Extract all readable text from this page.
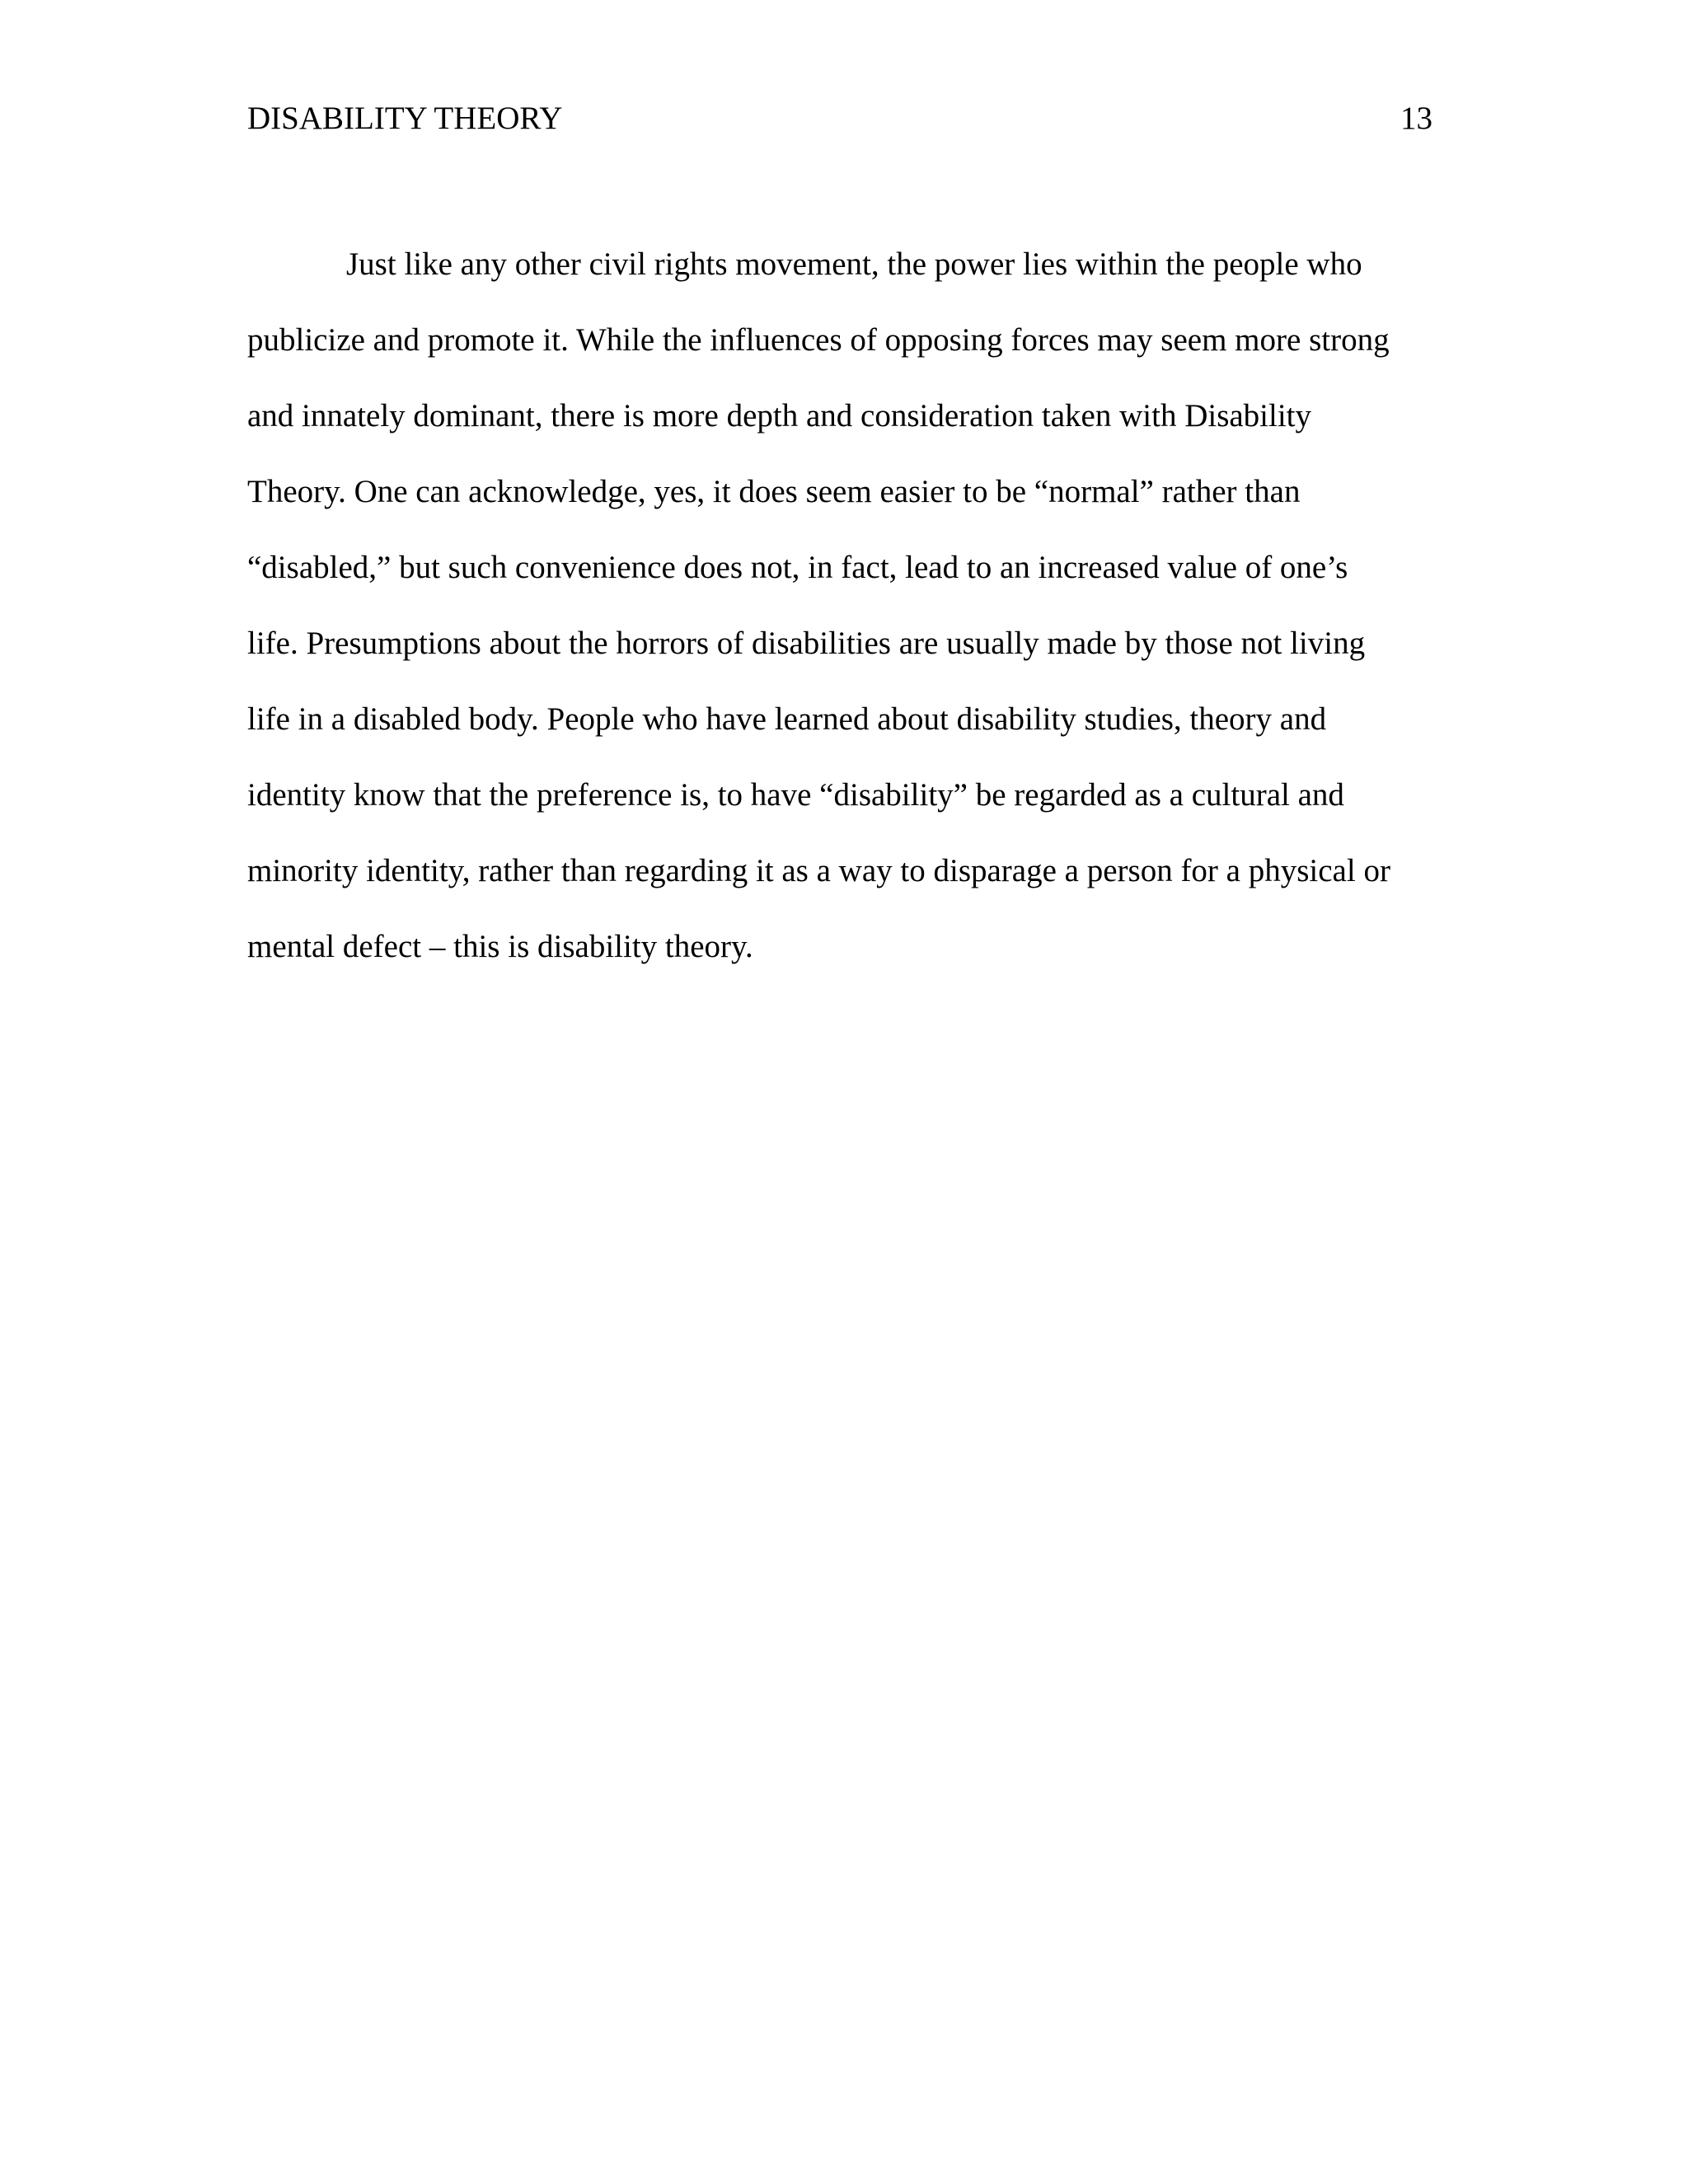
DISABILITY THEORY	13
Just like any other civil rights movement, the power lies within the people who
publicize and promote it. While the influences of opposing forces may seem more strong
and innately dominant, there is more depth and consideration taken with Disability
Theory. One can acknowledge, yes, it does seem easier to be “normal” rather than
“disabled,” but such convenience does not, in fact, lead to an increased value of one’s
life. Presumptions about the horrors of disabilities are usually made by those not living
life in a disabled body. People who have learned about disability studies, theory and
identity know that the preference is, to have “disability” be regarded as a cultural and
minority identity, rather than regarding it as a way to disparage a person for a physical or
mental defect – this is disability theory.
